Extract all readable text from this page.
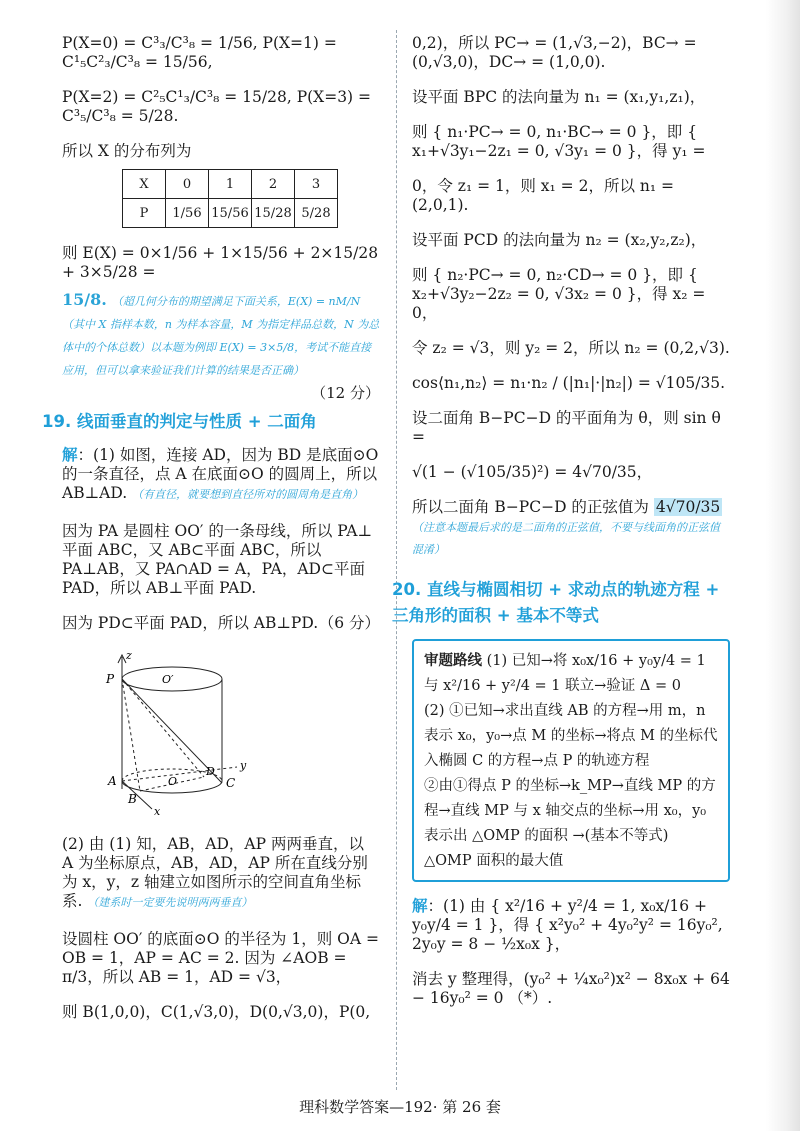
P(X=0) = C³₃/C³₈ = 1/56, P(X=1) = C¹₅C²₃/C³₈ = 15/56,

P(X=2) = C²₅C¹₃/C³₈ = 15/28, P(X=3) = C³₅/C³₈ = 5/28.

所以 X 的分布列为

X	0	1	2	3
P	1/56	15/56	15/28	5/28

则 E(X) = 0×1/56 + 1×15/56 + 2×15/28 + 3×5/28 =

15/8. （超几何分布的期望满足下面关系，E(X) = nM/N（其中 X 指样本数，n 为样本容量，M 为指定样品总数，N 为总体中的个体总数）以本题为例即 E(X) = 3×5/8，考试不能直接应用，但可以拿来验证我们计算的结果是否正确）
（12 分）
19. 线面垂直的判定与性质 + 二面角

解：(1) 如图，连接 AD，因为 BD 是底面⊙O 的一条直径，点 A 在底面⊙O 的圆周上，所以 AB⊥AD. （有直径，就要想到直径所对的圆周角是直角）

因为 PA 是圆柱 OO′ 的一条母线，所以 PA⊥平面 ABC，又 AB⊂平面 ABC，所以 PA⊥AB，又 PA∩AD = A，PA，AD⊂平面 PAD，所以 AB⊥平面 PAD.

因为 PD⊂平面 PAD，所以 AB⊥PD. （6 分）

z
P	O′
A
B
C
O
D
x
y

(2) 由 (1) 知，AB，AD，AP 两两垂直，以 A 为坐标原点，AB，AD，AP 所在直线分别为 x，y，z 轴建立如图所示的空间直角坐标系. （建系时一定要先说明两两垂直）

设圆柱 OO′ 的底面⊙O 的半径为 1，则 OA = OB = 1，AP = AC = 2. 因为 ∠AOB = π/3，所以 AB = 1，AD = √3，

则 B(1,0,0)，C(1,√3,0)，D(0,√3,0)，P(0,

0,2)，所以 PC→ = (1,√3,−2)，BC→ = (0,√3,0)，DC→ = (1,0,0).

设平面 BPC 的法向量为 n₁ = (x₁,y₁,z₁)，

则 { n₁·PC→ = 0, n₁·BC→ = 0 }，即 { x₁+√3y₁−2z₁ = 0, √3y₁ = 0 }，得 y₁ =

0，令 z₁ = 1，则 x₁ = 2，所以 n₁ = (2,0,1).

设平面 PCD 的法向量为 n₂ = (x₂,y₂,z₂)，

则 { n₂·PC→ = 0, n₂·CD→ = 0 }，即 { x₂+√3y₂−2z₂ = 0, √3x₂ = 0 }，得 x₂ = 0，

令 z₂ = √3，则 y₂ = 2，所以 n₂ = (0,2,√3).

cos⟨n₁,n₂⟩ = n₁·n₂ / (|n₁|·|n₂|) = √105/35.

设二面角 B−PC−D 的平面角为 θ，则 sin θ =

√(1 − (√105/35)²) = 4√70/35，

所以二面角 B−PC−D 的正弦值为 4√70/35 （注意本题最后求的是二面角的正弦值，不要与线面角的正弦值混淆）

20. 直线与椭圆相切 + 求动点的轨迹方程 + 三角形的面积 + 基本不等式
审题路线 (1) 已知→将 x₀x/16 + y₀y/4 = 1 与 x²/16 + y²/4 = 1 联立→验证 Δ = 0
(2) ①已知→求出直线 AB 的方程→用 m，n 表示 x₀，y₀→点 M 的坐标→将点 M 的坐标代入椭圆 C 的方程→点 P 的轨迹方程
②由①得点 P 的坐标→k_MP→直线 MP 的方程→直线 MP 与 x 轴交点的坐标→用 x₀，y₀ 表示出 △OMP 的面积 →(基本不等式) △OMP 面积的最大值

解：(1) 由 { x²/16 + y²/4 = 1, x₀x/16 + y₀y/4 = 1 }，得 { x²y₀² + 4y₀²y² = 16y₀², 2y₀y = 8 − ½x₀x }，

消去 y 整理得，(y₀² + ¼x₀²)x² − 8x₀x + 64 − 16y₀² = 0 （*）.

理科数学答案—192· 第 26 套
